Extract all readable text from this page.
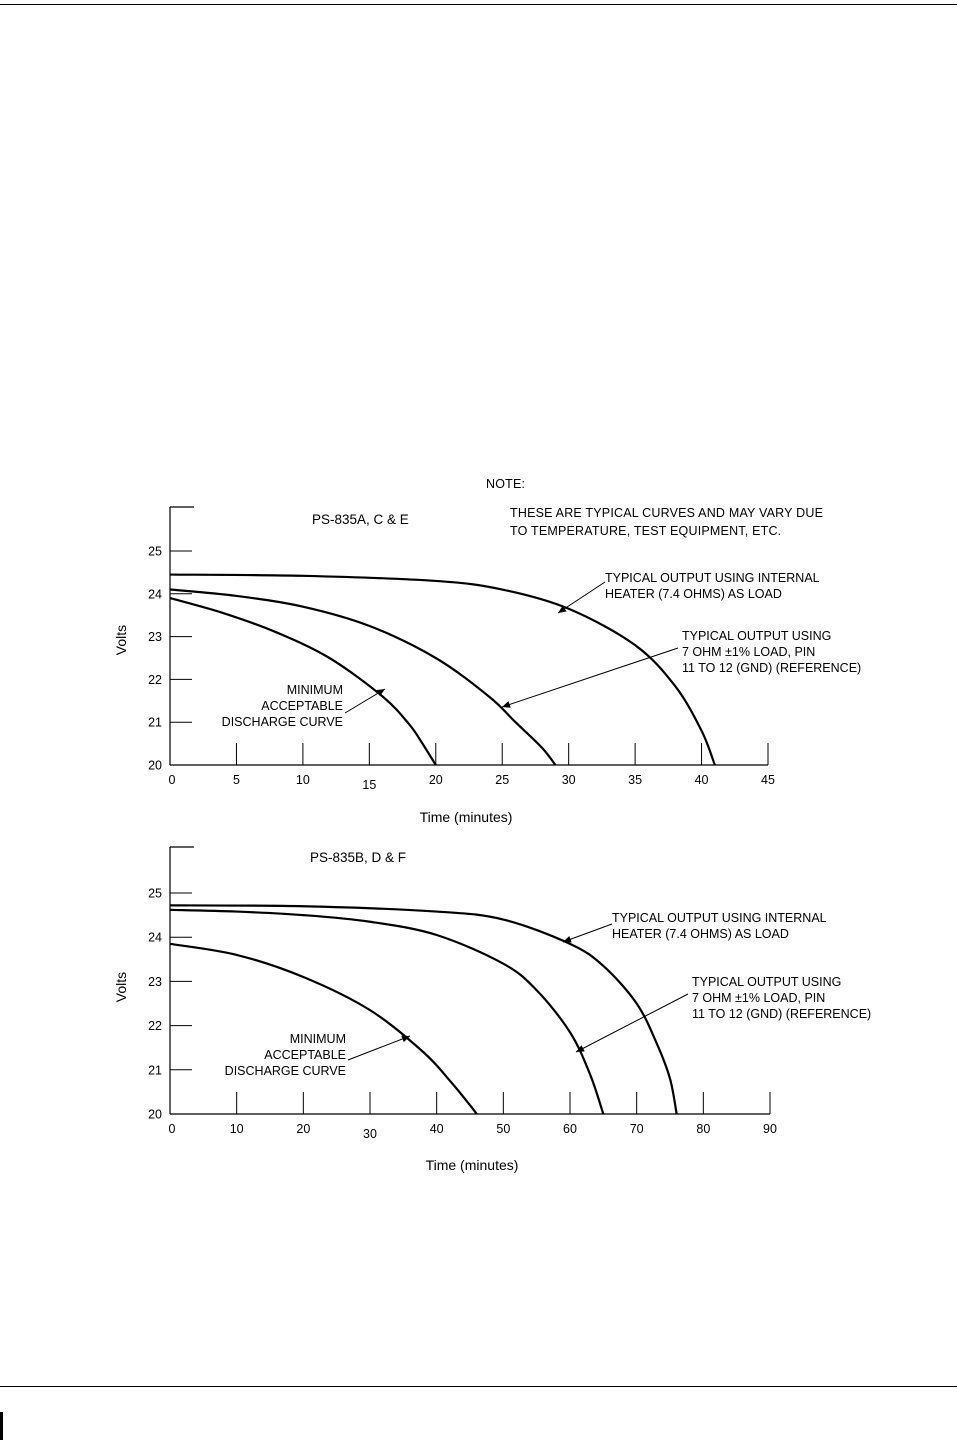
NOTE:
THESE ARE TYPICAL CURVES AND MAY VARY DUE
TO TEMPERATURE, TEST EQUIPMENT, ETC.
20
21
22
23
24
25
0	5	10	15	20	25	30	35	40	45
PS-835A, C & E
Time (minutes)
Volts
TYPICAL OUTPUT USING INTERNAL
HEATER (7.4 OHMS) AS LOAD
TYPICAL OUTPUT USING
7 OHM ±1% LOAD, PIN
11 TO 12 (GND) (REFERENCE)
MINIMUM
ACCEPTABLE
DISCHARGE CURVE
20
21
22
23
24
25
0	10	20	30	40	50	60	70	80	90
PS-835B, D & F
Time (minutes)
Volts
TYPICAL OUTPUT USING INTERNAL
HEATER (7.4 OHMS) AS LOAD
TYPICAL OUTPUT USING
7 OHM ±1% LOAD, PIN
11 TO 12 (GND) (REFERENCE)
MINIMUM
ACCEPTABLE
DISCHARGE CURVE
